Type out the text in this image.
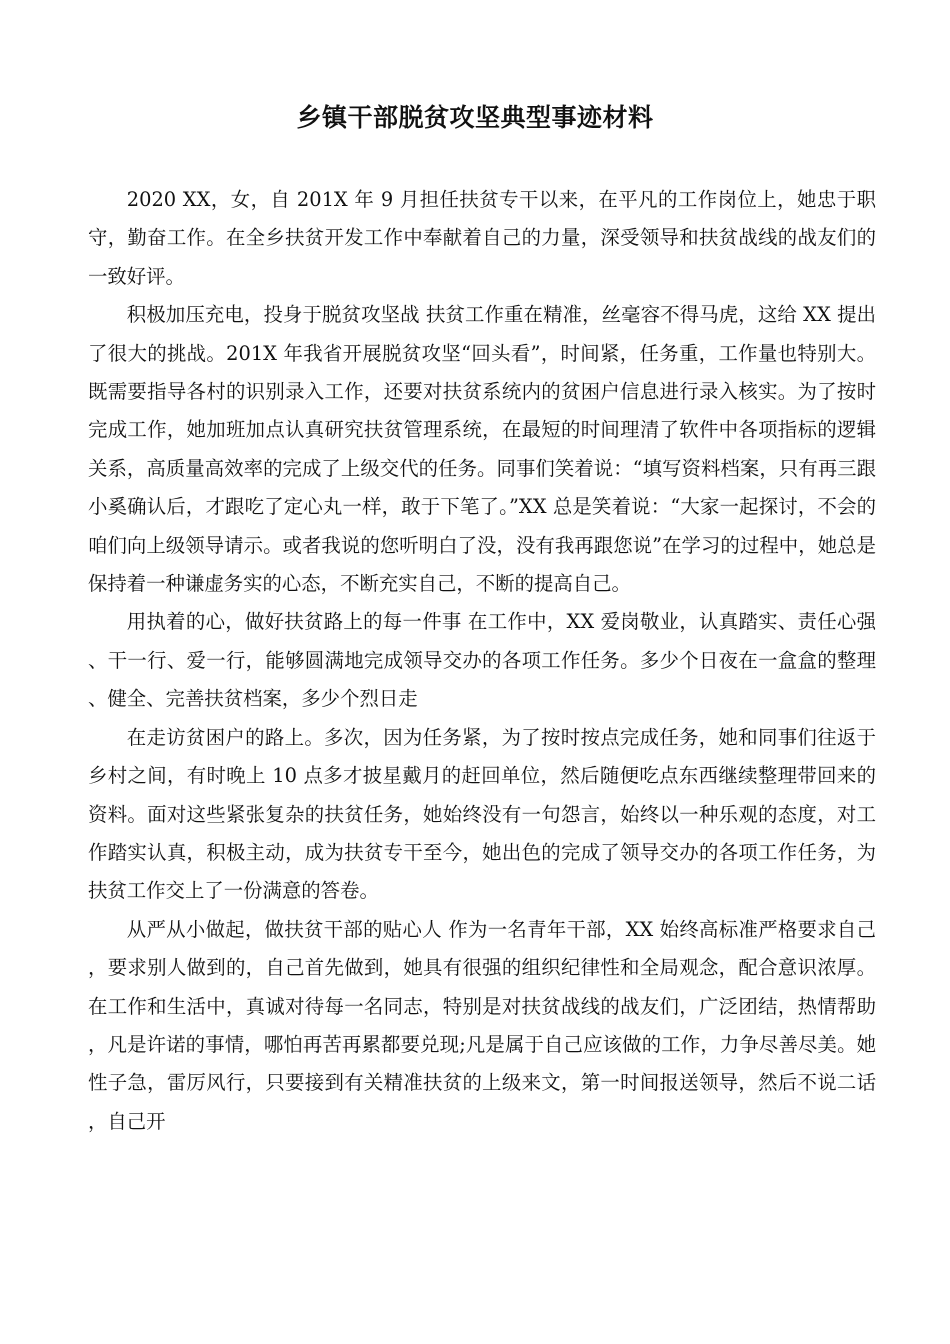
乡镇干部脱贫攻坚典型事迹材料

2020 XX，女，自 201X 年 9 月担任扶贫专干以来，在平凡的工作岗位上，她忠于职守，勤奋工作。在全乡扶贫开发工作中奉献着自己的力量，深受领导和扶贫战线的战友们的一致好评。

积极加压充电，投身于脱贫攻坚战 扶贫工作重在精准，丝毫容不得马虎，这给 XX 提出了很大的挑战。201X 年我省开展脱贫攻坚“回头看”，时间紧，任务重，工作量也特别大。既需要指导各村的识别录入工作，还要对扶贫系统内的贫困户信息进行录入核实。为了按时完成工作，她加班加点认真研究扶贫管理系统，在最短的时间理清了软件中各项指标的逻辑关系，高质量高效率的完成了上级交代的任务。同事们笑着说：“填写资料档案，只有再三跟小奚确认后，才跟吃了定心丸一样，敢于下笔了。”XX 总是笑着说：“大家一起探讨，不会的咱们向上级领导请示。或者我说的您听明白了没，没有我再跟您说”在学习的过程中，她总是保持着一种谦虚务实的心态，不断充实自己，不断的提高自己。

用执着的心，做好扶贫路上的每一件事 在工作中，XX 爱岗敬业，认真踏实、责任心强、干一行、爱一行，能够圆满地完成领导交办的各项工作任务。多少个日夜在一盒盒的整理、健全、完善扶贫档案，多少个烈日走

在走访贫困户的路上。多次，因为任务紧，为了按时按点完成任务，她和同事们往返于乡村之间，有时晚上 10 点多才披星戴月的赶回单位，然后随便吃点东西继续整理带回来的资料。面对这些紧张复杂的扶贫任务，她始终没有一句怨言，始终以一种乐观的态度，对工作踏实认真，积极主动，成为扶贫专干至今，她出色的完成了领导交办的各项工作任务，为扶贫工作交上了一份满意的答卷。

从严从小做起，做扶贫干部的贴心人 作为一名青年干部，XX 始终高标准严格要求自己，要求别人做到的，自己首先做到，她具有很强的组织纪律性和全局观念，配合意识浓厚。在工作和生活中，真诚对待每一名同志，特别是对扶贫战线的战友们，广泛团结，热情帮助，凡是许诺的事情，哪怕再苦再累都要兑现;凡是属于自己应该做的工作，力争尽善尽美。她性子急，雷厉风行，只要接到有关精准扶贫的上级来文，第一时间报送领导，然后不说二话，自己开
